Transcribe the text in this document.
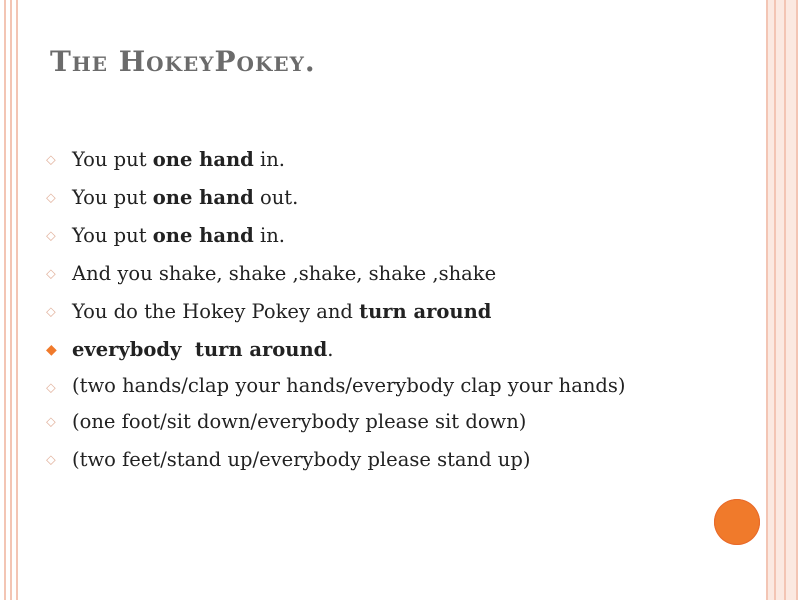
The HokeyPokey.
⬦ You put one hand in.
⬦ You put one hand out.
⬦ You put one hand in.
⬦ And you shake, shake ,shake, shake ,shake
⬦ You do the Hokey Pokey and turn around
◆ everybody  turn around.
⬦ (two hands/clap your hands/everybody clap your hands)
⬦ (one foot/sit down/everybody please sit down)
⬦ (two feet/stand up/everybody please stand up)
